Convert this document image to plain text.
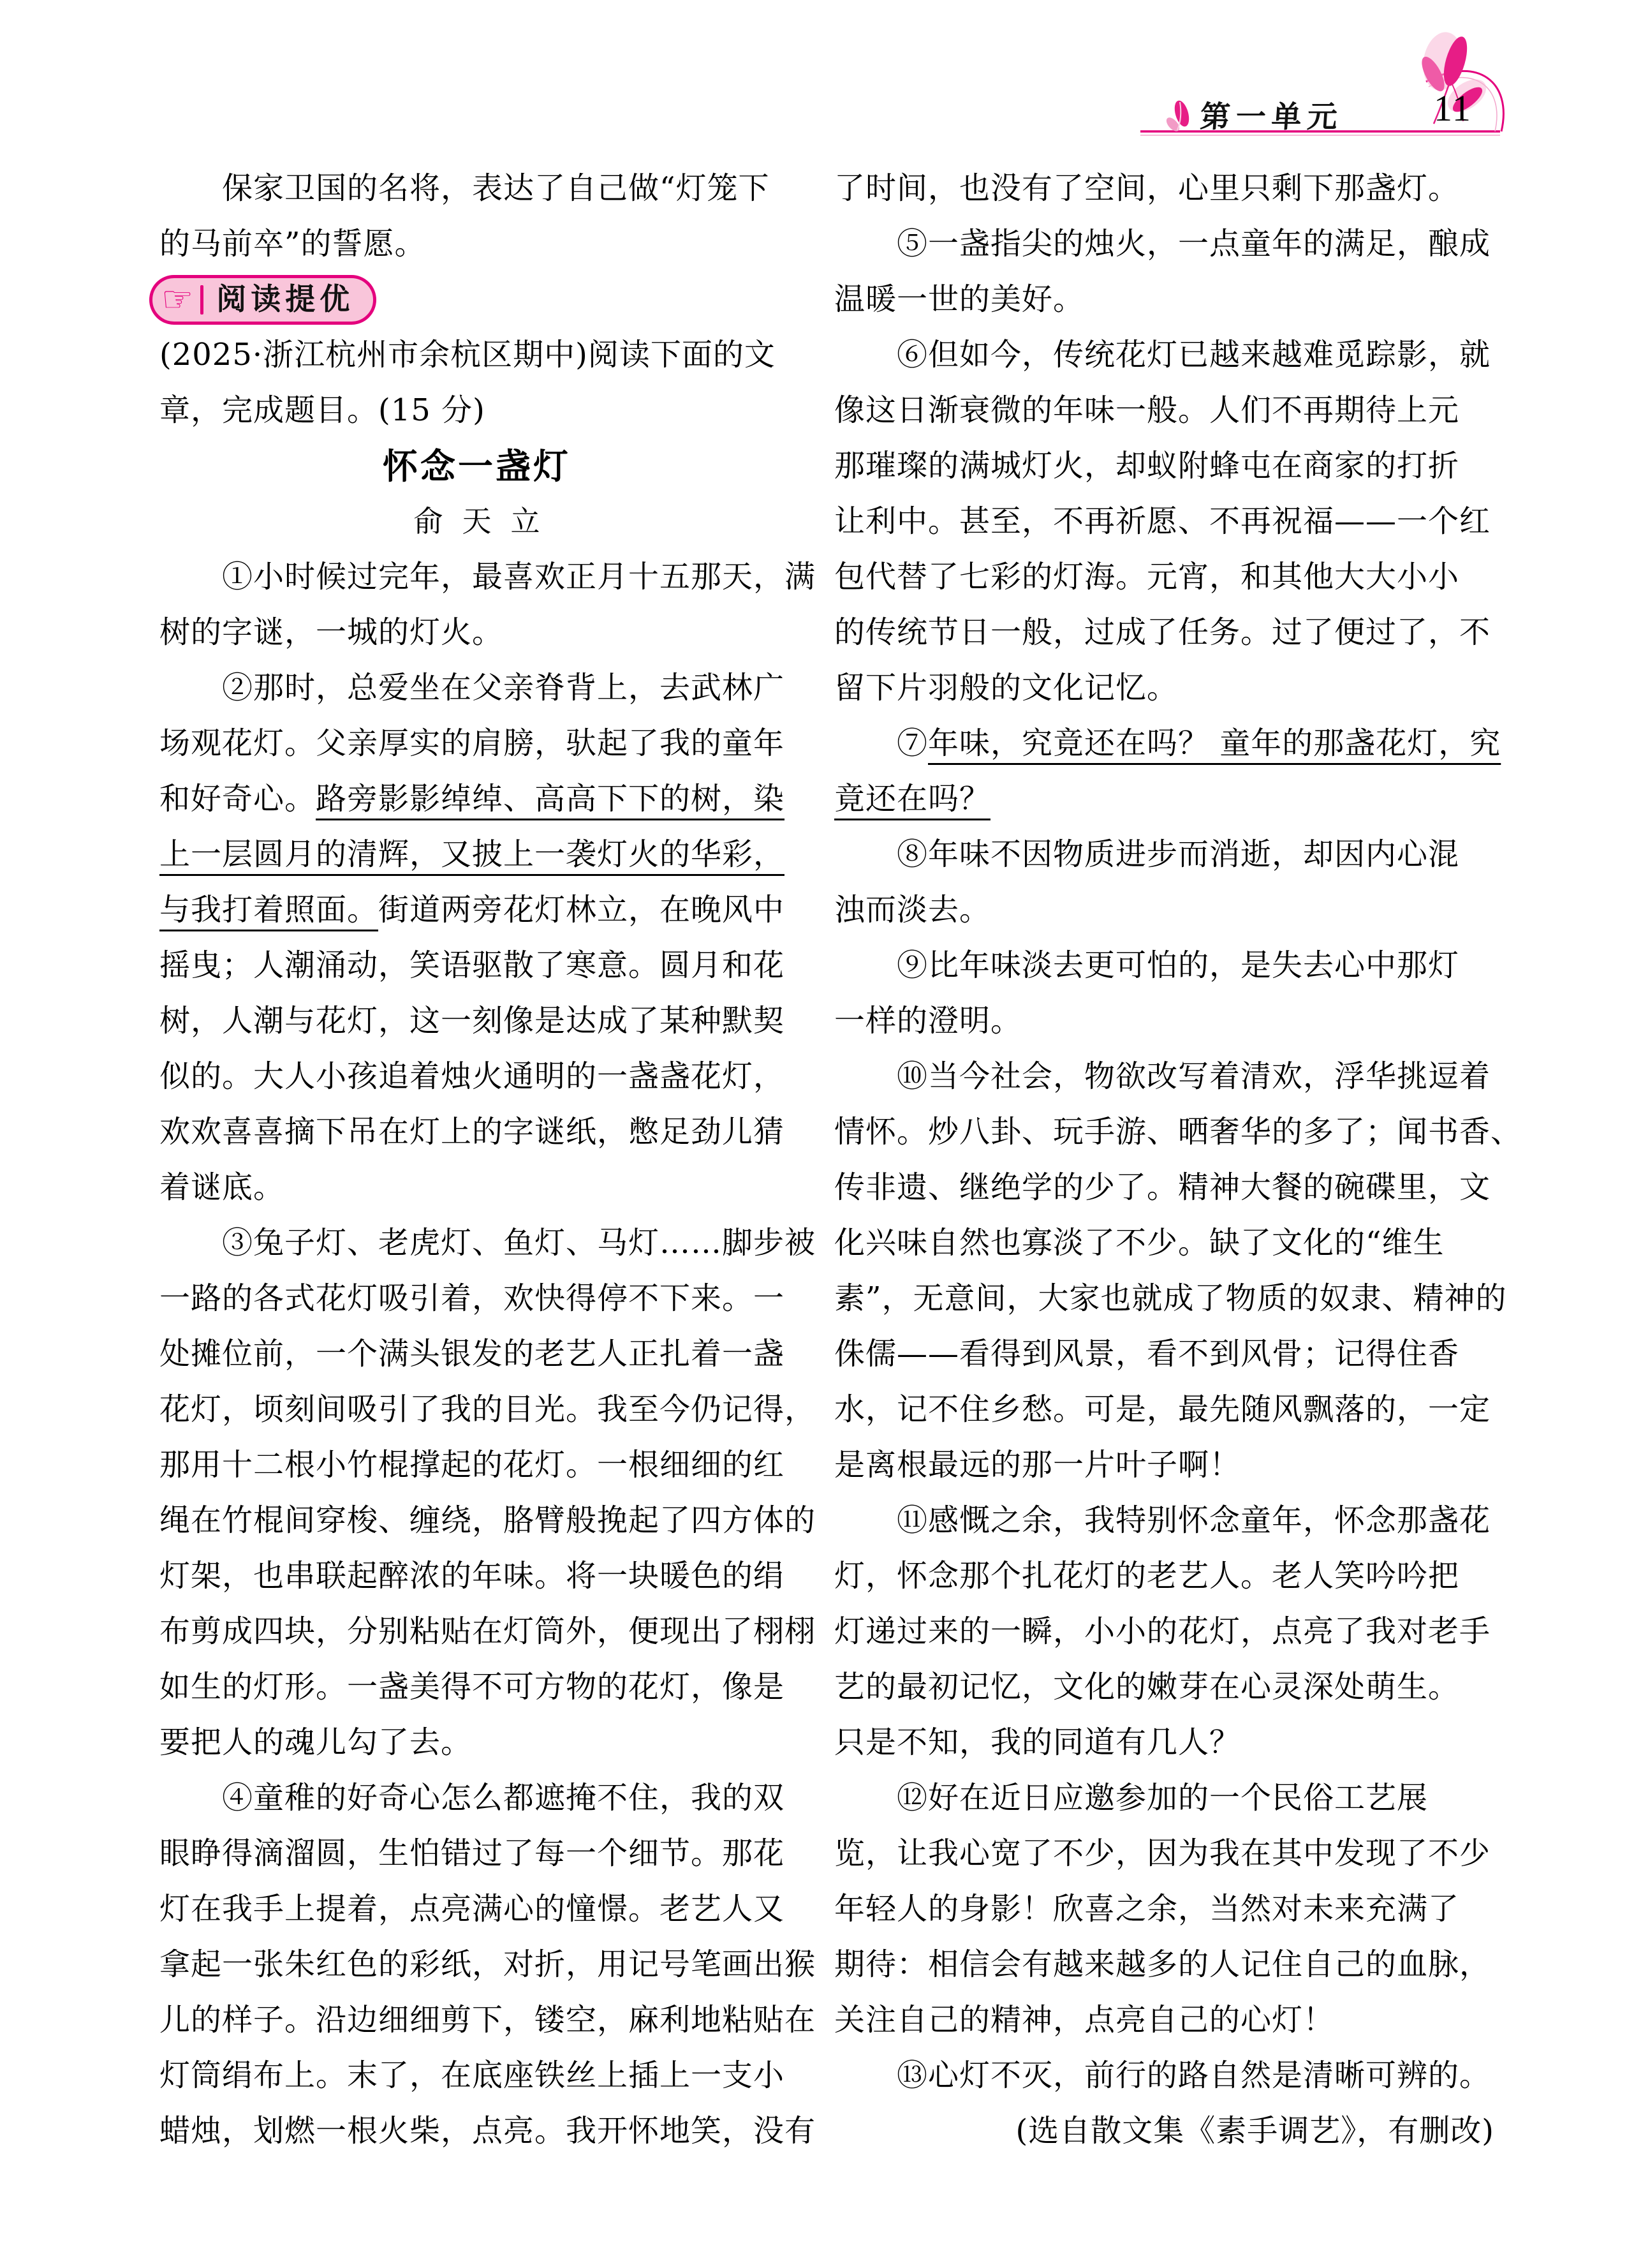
第一单元 11
　　保家卫国的名将，表达了自己做“灯笼下
的马前卒”的誓愿。
☞ 阅读提优
(2025·浙江杭州市余杭区期中)阅读下面的文
章，完成题目。(15 分)
怀念一盏灯
俞天立
　　①小时候过完年，最喜欢正月十五那天，满
树的字谜，一城的灯火。
　　②那时，总爱坐在父亲脊背上，去武林广
场观花灯。父亲厚实的肩膀，驮起了我的童年
和好奇心。路旁影影绰绰、高高下下的树，染
上一层圆月的清辉，又披上一袭灯火的华彩，
与我打着照面。街道两旁花灯林立，在晚风中
摇曳；人潮涌动，笑语驱散了寒意。圆月和花
树，人潮与花灯，这一刻像是达成了某种默契
似的。大人小孩追着烛火通明的一盏盏花灯，
欢欢喜喜摘下吊在灯上的字谜纸，憋足劲儿猜
着谜底。
　　③兔子灯、老虎灯、鱼灯、马灯……脚步被
一路的各式花灯吸引着，欢快得停不下来。一
处摊位前，一个满头银发的老艺人正扎着一盏
花灯，顷刻间吸引了我的目光。我至今仍记得，
那用十二根小竹棍撑起的花灯。一根细细的红
绳在竹棍间穿梭、缠绕，胳臂般挽起了四方体的
灯架，也串联起醉浓的年味。将一块暖色的绢
布剪成四块，分别粘贴在灯筒外，便现出了栩栩
如生的灯形。一盏美得不可方物的花灯，像是
要把人的魂儿勾了去。
　　④童稚的好奇心怎么都遮掩不住，我的双
眼睁得滴溜圆，生怕错过了每一个细节。那花
灯在我手上提着，点亮满心的憧憬。老艺人又
拿起一张朱红色的彩纸，对折，用记号笔画出猴
儿的样子。沿边细细剪下，镂空，麻利地粘贴在
灯筒绢布上。末了，在底座铁丝上插上一支小
蜡烛，划燃一根火柴，点亮。我开怀地笑，没有
了时间，也没有了空间，心里只剩下那盏灯。
　　⑤一盏指尖的烛火，一点童年的满足，酿成
温暖一世的美好。
　　⑥但如今，传统花灯已越来越难觅踪影，就
像这日渐衰微的年味一般。人们不再期待上元
那璀璨的满城灯火，却蚁附蜂屯在商家的打折
让利中。甚至，不再祈愿、不再祝福——一个红
包代替了七彩的灯海。元宵，和其他大大小小
的传统节日一般，过成了任务。过了便过了，不
留下片羽般的文化记忆。
　　⑦年味，究竟还在吗？ 童年的那盏花灯，究
竟还在吗？
　　⑧年味不因物质进步而消逝，却因内心混
浊而淡去。
　　⑨比年味淡去更可怕的，是失去心中那灯
一样的澄明。
　　⑩当今社会，物欲改写着清欢，浮华挑逗着
情怀。炒八卦、玩手游、晒奢华的多了；闻书香、
传非遗、继绝学的少了。精神大餐的碗碟里，文
化兴味自然也寡淡了不少。缺了文化的“维生
素”，无意间，大家也就成了物质的奴隶、精神的
侏儒——看得到风景，看不到风骨；记得住香
水，记不住乡愁。可是，最先随风飘落的，一定
是离根最远的那一片叶子啊！
　　⑪感慨之余，我特别怀念童年，怀念那盏花
灯，怀念那个扎花灯的老艺人。老人笑吟吟把
灯递过来的一瞬，小小的花灯，点亮了我对老手
艺的最初记忆，文化的嫩芽在心灵深处萌生。
只是不知，我的同道有几人？
　　⑫好在近日应邀参加的一个民俗工艺展
览，让我心宽了不少，因为我在其中发现了不少
年轻人的身影！欣喜之余，当然对未来充满了
期待：相信会有越来越多的人记住自己的血脉，
关注自己的精神，点亮自己的心灯！
　　⑬心灯不灭，前行的路自然是清晰可辨的。
(选自散文集《素手调艺》，有删改)
